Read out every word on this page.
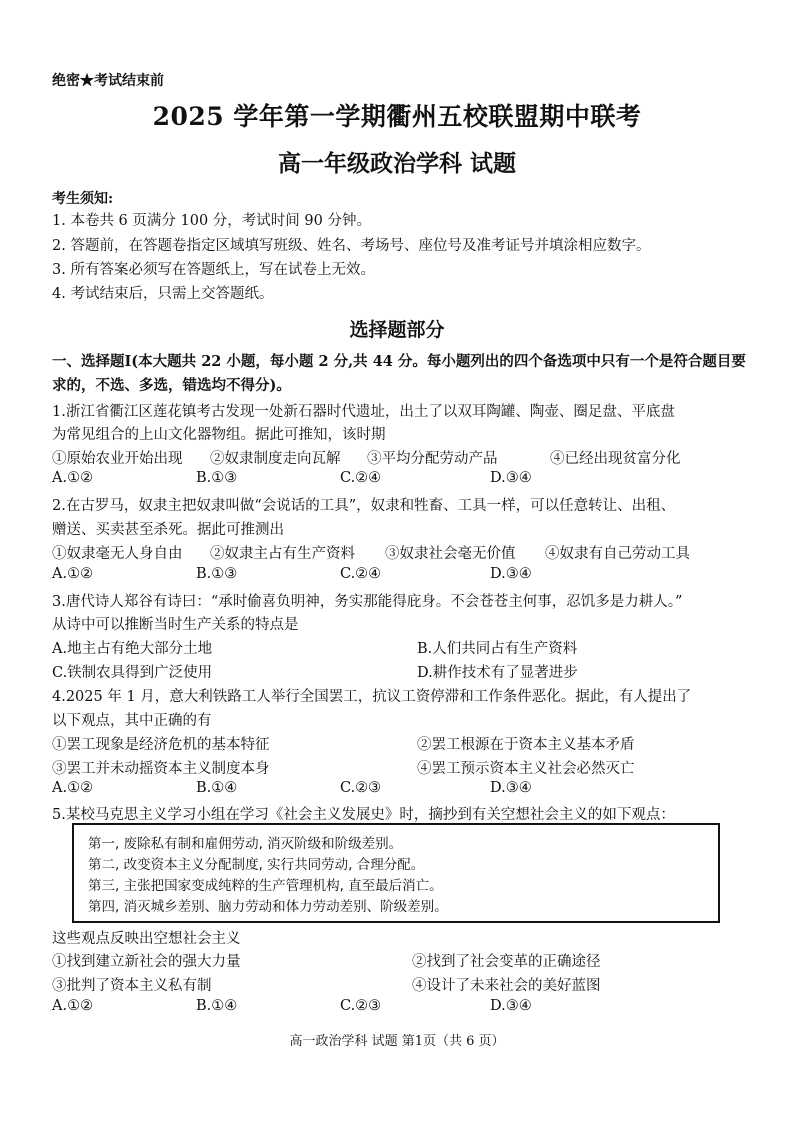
绝密★考试结束前
2025 学年第一学期衢州五校联盟期中联考
高一年级政治学科 试题
考生须知:
1. 本卷共 6 页满分 100 分，考试时间 90 分钟。
2. 答题前，在答题卷指定区域填写班级、姓名、考场号、座位号及准考证号并填涂相应数字。
3. 所有答案必须写在答题纸上，写在试卷上无效。
4. 考试结束后，只需上交答题纸。
选择题部分
一、选择题Ⅰ(本大题共 22 小题，每小题 2 分,共 44 分。每小题列出的四个备选项中只有一个是符合题目要求的，不选、多选，错选均不得分)。
1.浙江省衢江区莲花镇考古发现一处新石器时代遗址，出土了以双耳陶罐、陶壶、圈足盘、平底盘
为常见组合的上山文化器物组。据此可推知，该时期
①原始农业开始出现 ②奴隶制度走向瓦解 ③平均分配劳动产品	④已经出现贫富分化
A.①②	B.①③	C.②④	D.③④
2.在古罗马，奴隶主把奴隶叫做“会说话的工具”，奴隶和牲畜、工具一样，可以任意转让、出租、
赠送、买卖甚至杀死。据此可推测出
①奴隶毫无人身自由 ②奴隶主占有生产资料 ③奴隶社会毫无价值 ④奴隶有自己劳动工具
A.①②	B.①③	C.②④	D.③④
3.唐代诗人郑谷有诗曰：“承时偷喜负明神，务实那能得庇身。不会苍苍主何事，忍饥多是力耕人。”
从诗中可以推断当时生产关系的特点是
A.地主占有绝大部分土地	B.人们共同占有生产资料
C.铁制农具得到广泛使用	D.耕作技术有了显著进步
4.2025 年 1 月，意大利铁路工人举行全国罢工，抗议工资停滞和工作条件恶化。据此，有人提出了
以下观点，其中正确的有
①罢工现象是经济危机的基本特征	②罢工根源在于资本主义基本矛盾
③罢工并未动摇资本主义制度本身	④罢工预示资本主义社会必然灭亡
A.①②	B.①④	C.②③	D.③④
5.某校马克思主义学习小组在学习《社会主义发展史》时，摘抄到有关空想社会主义的如下观点：
第一, 废除私有制和雇佣劳动, 消灭阶级和阶级差别。
第二, 改变资本主义分配制度, 实行共同劳动, 合理分配。
第三, 主张把国家变成纯粹的生产管理机构, 直至最后消亡。
第四, 消灭城乡差别、脑力劳动和体力劳动差别、阶级差别。
这些观点反映出空想社会主义
①找到建立新社会的强大力量	②找到了社会变革的正确途径
③批判了资本主义私有制	④设计了未来社会的美好蓝图
A.①②	B.①④	C.②③	D.③④
高一政治学科 试题 第1页（共 6 页）
